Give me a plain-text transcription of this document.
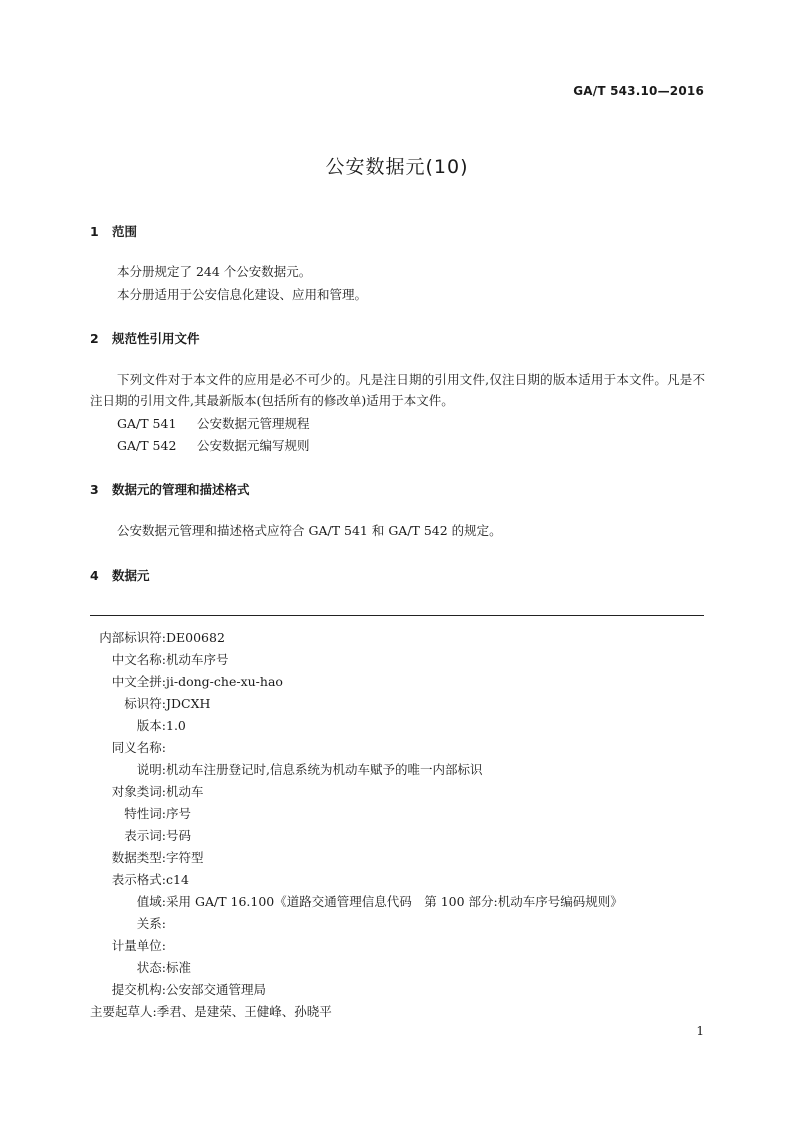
GA/T 543.10—2016
公安数据元(10)
1 范围
本分册规定了 244 个公安数据元。
本分册适用于公安信息化建设、应用和管理。
2 规范性引用文件
下列文件对于本文件的应用是必不可少的。凡是注日期的引用文件,仅注日期的版本适用于本文件。凡是不注日期的引用文件,其最新版本(包括所有的修改单)适用于本文件。
GA/T 541 公安数据元管理规程
GA/T 542 公安数据元编写规则
3 数据元的管理和描述格式
公安数据元管理和描述格式应符合 GA/T 541 和 GA/T 542 的规定。
4 数据元
内部标识符:DE00682
中文名称:机动车序号
中文全拼:ji-dong-che-xu-hao
标识符:JDCXH
版本:1.0
同义名称:
说明:机动车注册登记时,信息系统为机动车赋予的唯一内部标识
对象类词:机动车
特性词:序号
表示词:号码
数据类型:字符型
表示格式:c14
值域:采用 GA/T 16.100《道路交通管理信息代码　第 100 部分:机动车序号编码规则》
关系:
计量单位:
状态:标准
提交机构:公安部交通管理局
主要起草人:季君、是建荣、王健峰、孙晓平
1
